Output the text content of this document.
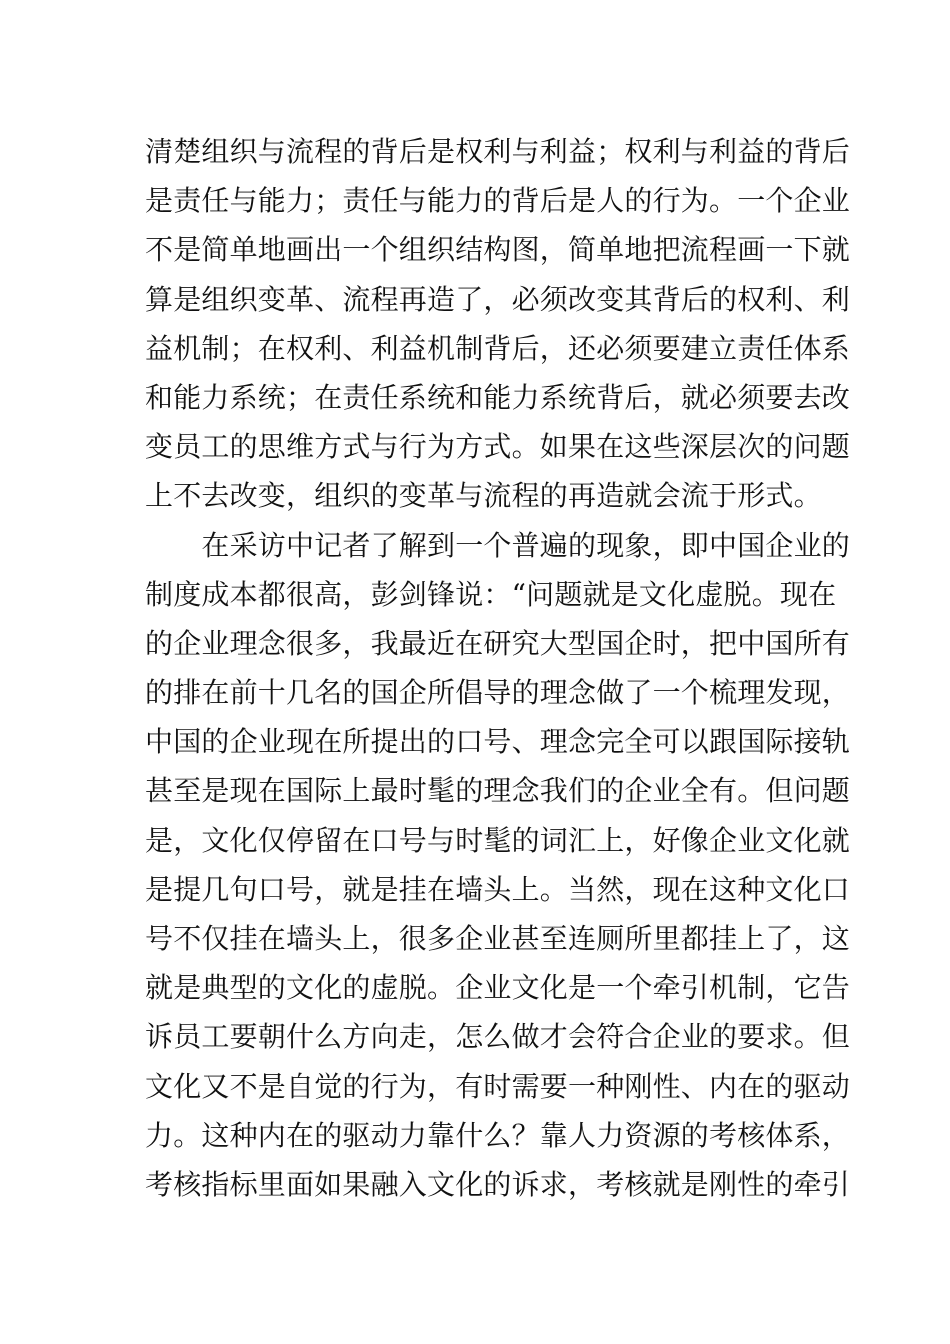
清楚组织与流程的背后是权利与利益；权利与利益的背后
是责任与能力；责任与能力的背后是人的行为。一个企业
不是简单地画出一个组织结构图，简单地把流程画一下就
算是组织变革、流程再造了，必须改变其背后的权利、利
益机制；在权利、利益机制背后，还必须要建立责任体系
和能力系统；在责任系统和能力系统背后，就必须要去改
变员工的思维方式与行为方式。如果在这些深层次的问题
上不去改变，组织的变革与流程的再造就会流于形式。
　　在采访中记者了解到一个普遍的现象，即中国企业的
制度成本都很高，彭剑锋说：“问题就是文化虚脱。现在
的企业理念很多，我最近在研究大型国企时，把中国所有
的排在前十几名的国企所倡导的理念做了一个梳理发现，
中国的企业现在所提出的口号、理念完全可以跟国际接轨
甚至是现在国际上最时髦的理念我们的企业全有。但问题
是，文化仅停留在口号与时髦的词汇上，好像企业文化就
是提几句口号，就是挂在墙头上。当然，现在这种文化口
号不仅挂在墙头上，很多企业甚至连厕所里都挂上了，这
就是典型的文化的虚脱。企业文化是一个牵引机制，它告
诉员工要朝什么方向走，怎么做才会符合企业的要求。但
文化又不是自觉的行为，有时需要一种刚性、内在的驱动
力。这种内在的驱动力靠什么？靠人力资源的考核体系，
考核指标里面如果融入文化的诉求，考核就是刚性的牵引
